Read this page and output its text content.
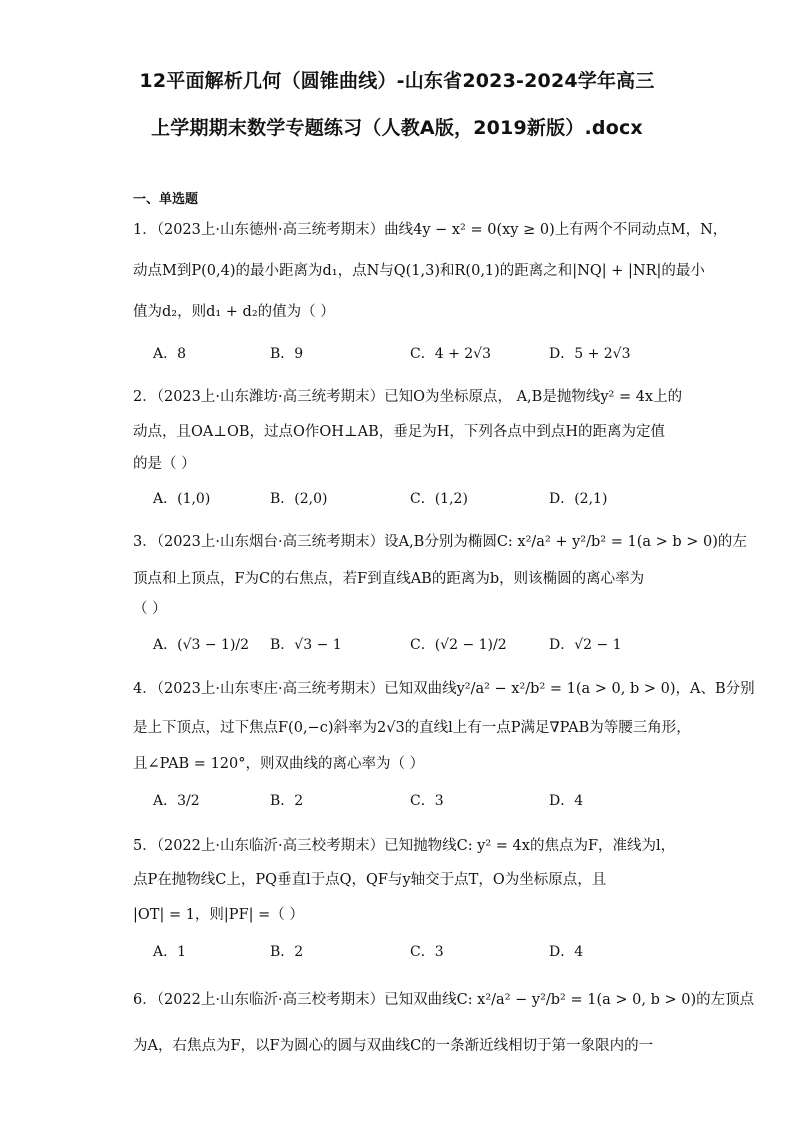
12平面解析几何（圆锥曲线）-山东省2023-2024学年高三
上学期期末数学专题练习（人教A版，2019新版）.docx
一、单选题
1．（2023上·山东德州·高三统考期末）曲线4y − x² = 0(xy ≥ 0)上有两个不同动点M，N，
动点M到P(0,4)的最小距离为d₁，点N与Q(1,3)和R(0,1)的距离之和|NQ| + |NR|的最小
值为d₂，则d₁ + d₂的值为（ ）
A．8	B．9	C．4 + 2√3	D．5 + 2√3
2．（2023上·山东潍坊·高三统考期末）已知O为坐标原点， A,B是抛物线y² = 4x上的
动点，且OA⊥OB，过点O作OH⊥AB，垂足为H，下列各点中到点H的距离为定值
的是（ ）
A．(1,0)	B．(2,0)	C．(1,2)	D．(2,1)
3．（2023上·山东烟台·高三统考期末）设A,B分别为椭圆C: x²/a² + y²/b² = 1(a > b > 0)的左
顶点和上顶点，F为C的右焦点，若F到直线AB的距离为b，则该椭圆的离心率为
（ ）
A．(√3 − 1)/2 B．√3 − 1	C．(√2 − 1)/2	D．√2 − 1
4．（2023上·山东枣庄·高三统考期末）已知双曲线y²/a² − x²/b² = 1(a > 0, b > 0)，A、B分别
是上下顶点，过下焦点F(0,−c)斜率为2√3的直线l上有一点P满足∇PAB为等腰三角形，
且∠PAB = 120°，则双曲线的离心率为（ ）
A．3/2	B．2	C．3	D．4
5．（2022上·山东临沂·高三校考期末）已知抛物线C: y² = 4x的焦点为F，准线为l，
点P在抛物线C上，PQ垂直l于点Q，QF与y轴交于点T，O为坐标原点，且
|OT| = 1，则|PF| =（ ）
A．1	B．2	C．3	D．4
6．（2022上·山东临沂·高三校考期末）已知双曲线C: x²/a² − y²/b² = 1(a > 0, b > 0)的左顶点
为A，右焦点为F，以F为圆心的圆与双曲线C的一条渐近线相切于第一象限内的一
